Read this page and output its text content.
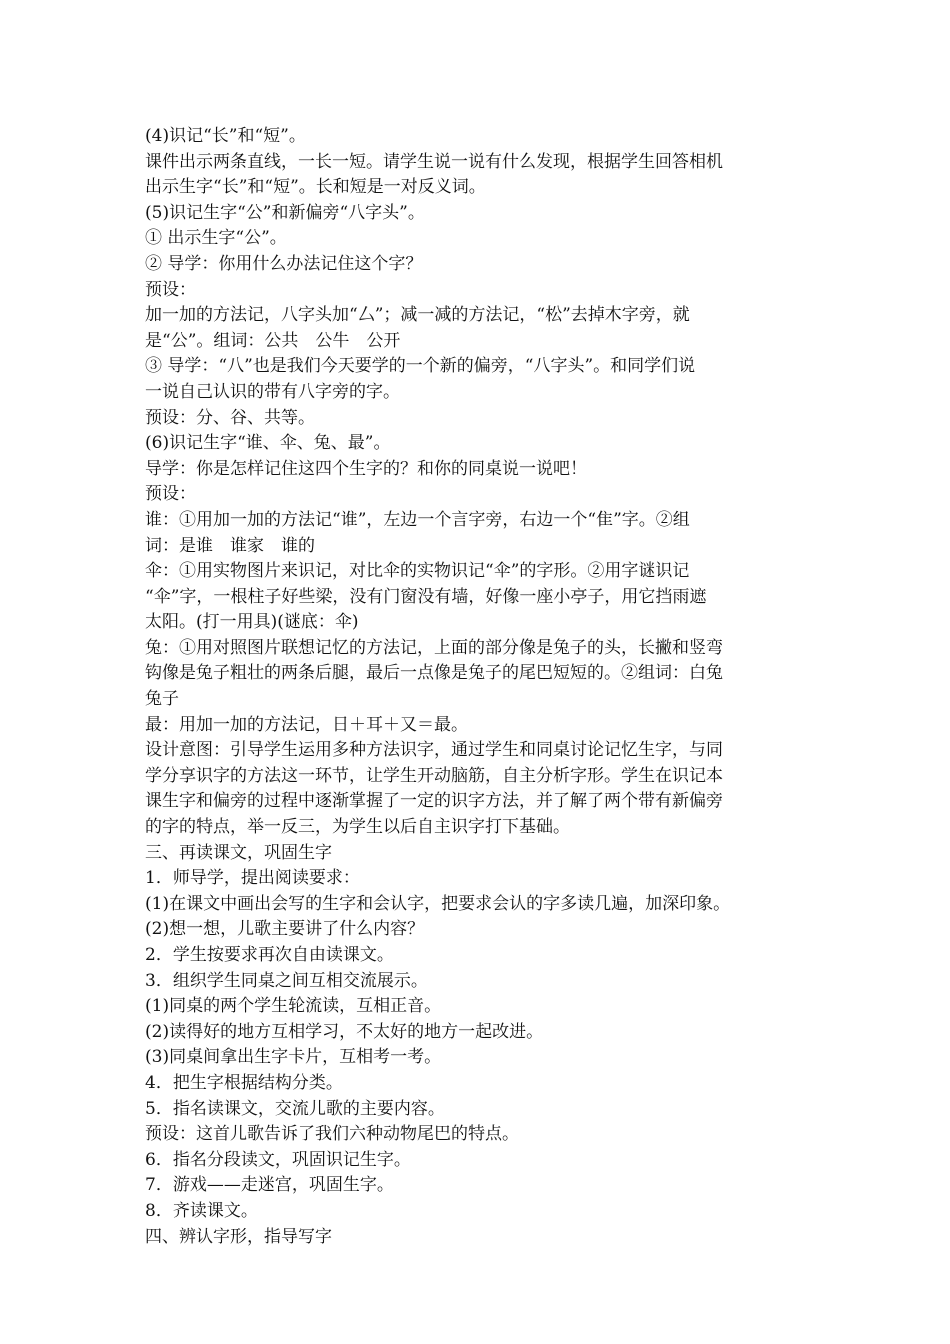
(4)识记“长”和“短”。
课件出示两条直线，一长一短。请学生说一说有什么发现，根据学生回答相机
出示生字“长”和“短”。长和短是一对反义词。
(5)识记生字“公”和新偏旁“八字头”。
① 出示生字“公”。
② 导学：你用什么办法记住这个字？
预设：
加一加的方法记，八字头加“厶”；减一减的方法记，“松”去掉木字旁，就
是“公”。组词：公共　公牛　公开
③ 导学：“八”也是我们今天要学的一个新的偏旁，“八字头”。和同学们说
一说自己认识的带有八字旁的字。
预设：分、谷、共等。
(6)识记生字“谁、伞、兔、最”。
导学：你是怎样记住这四个生字的？和你的同桌说一说吧！
预设：
谁：①用加一加的方法记“谁”，左边一个言字旁，右边一个“隹”字。②组
词：是谁　谁家　谁的
伞：①用实物图片来识记，对比伞的实物识记“伞”的字形。②用字谜识记
“伞”字，一根柱子好些梁，没有门窗没有墙，好像一座小亭子，用它挡雨遮
太阳。(打一用具)(谜底：伞)
兔：①用对照图片联想记忆的方法记，上面的部分像是兔子的头，长撇和竖弯
钩像是兔子粗壮的两条后腿，最后一点像是兔子的尾巴短短的。②组词：白兔
兔子
最：用加一加的方法记，日＋耳＋又＝最。
设计意图：引导学生运用多种方法识字，通过学生和同桌讨论记忆生字，与同
学分享识字的方法这一环节，让学生开动脑筋，自主分析字形。学生在识记本
课生字和偏旁的过程中逐渐掌握了一定的识字方法，并了解了两个带有新偏旁
的字的特点，举一反三，为学生以后自主识字打下基础。
三、再读课文，巩固生字
1．师导学，提出阅读要求：
(1)在课文中画出会写的生字和会认字，把要求会认的字多读几遍，加深印象。
(2)想一想，儿歌主要讲了什么内容？
2．学生按要求再次自由读课文。
3．组织学生同桌之间互相交流展示。
(1)同桌的两个学生轮流读，互相正音。
(2)读得好的地方互相学习，不太好的地方一起改进。
(3)同桌间拿出生字卡片，互相考一考。
4．把生字根据结构分类。
5．指名读课文，交流儿歌的主要内容。
预设：这首儿歌告诉了我们六种动物尾巴的特点。
6．指名分段读文，巩固识记生字。
7．游戏——走迷宫，巩固生字。
8．齐读课文。
四、辨认字形，指导写字
